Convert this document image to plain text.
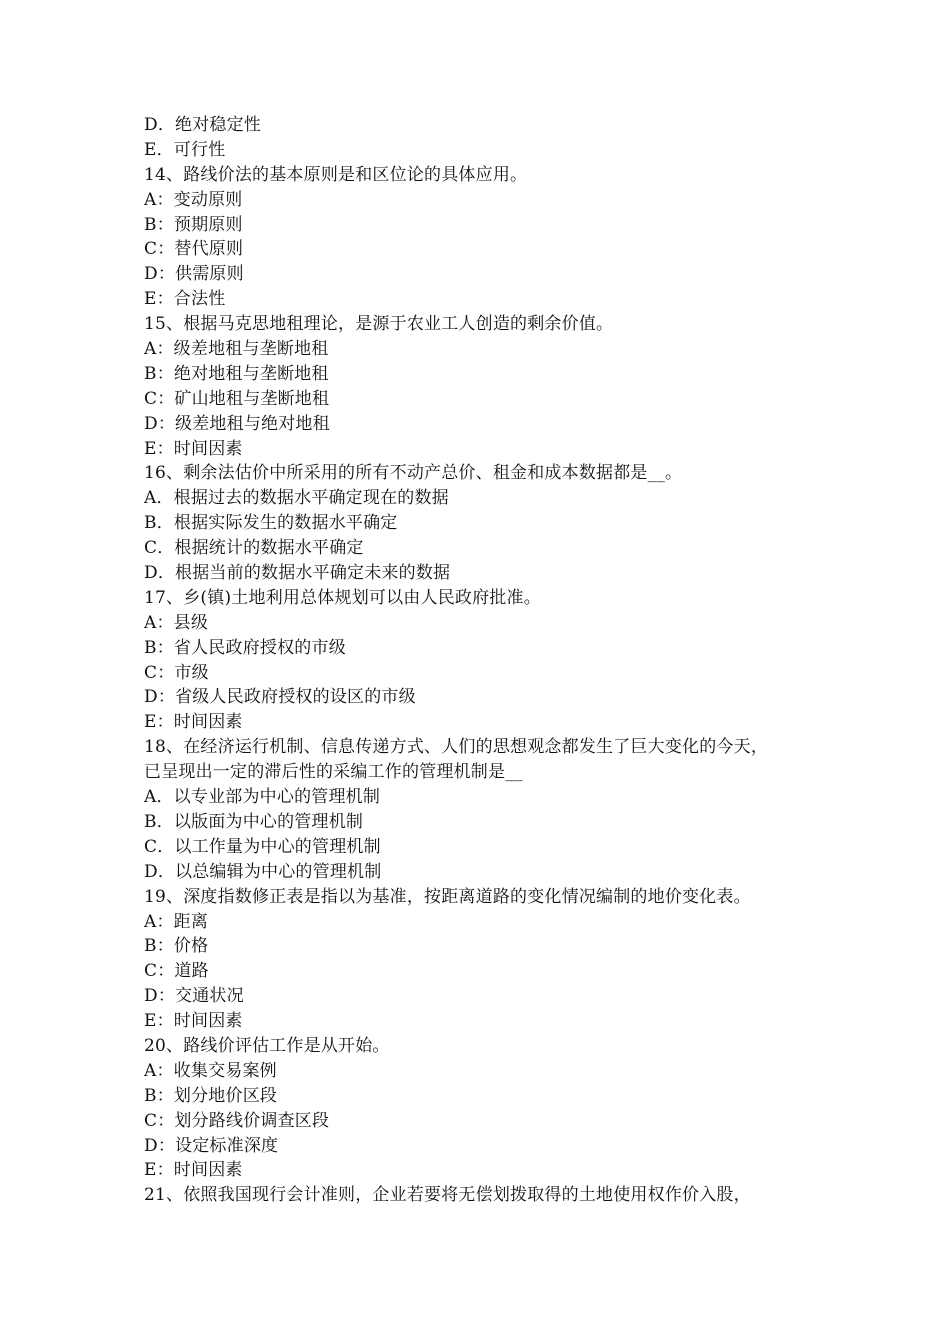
D．绝对稳定性
E．可行性
14、路线价法的基本原则是和区位论的具体应用。
A：变动原则
B：预期原则
C：替代原则
D：供需原则
E：合法性
15、根据马克思地租理论，是源于农业工人创造的剩余价值。
A：级差地租与垄断地租
B：绝对地租与垄断地租
C：矿山地租与垄断地租
D：级差地租与绝对地租
E：时间因素
16、剩余法估价中所采用的所有不动产总价、租金和成本数据都是__。
A．根据过去的数据水平确定现在的数据
B．根据实际发生的数据水平确定
C．根据统计的数据水平确定
D．根据当前的数据水平确定未来的数据
17、乡(镇)土地利用总体规划可以由人民政府批准。
A：县级
B：省人民政府授权的市级
C：市级
D：省级人民政府授权的设区的市级
E：时间因素
18、在经济运行机制、信息传递方式、人们的思想观念都发生了巨大变化的今天，
已呈现出一定的滞后性的采编工作的管理机制是__
A．以专业部为中心的管理机制
B．以版面为中心的管理机制
C．以工作量为中心的管理机制
D．以总编辑为中心的管理机制
19、深度指数修正表是指以为基准，按距离道路的变化情况编制的地价变化表。
A：距离
B：价格
C：道路
D：交通状况
E：时间因素
20、路线价评估工作是从开始。
A：收集交易案例
B：划分地价区段
C：划分路线价调查区段
D：设定标准深度
E：时间因素
21、依照我国现行会计准则，企业若要将无偿划拨取得的土地使用权作价入股，
